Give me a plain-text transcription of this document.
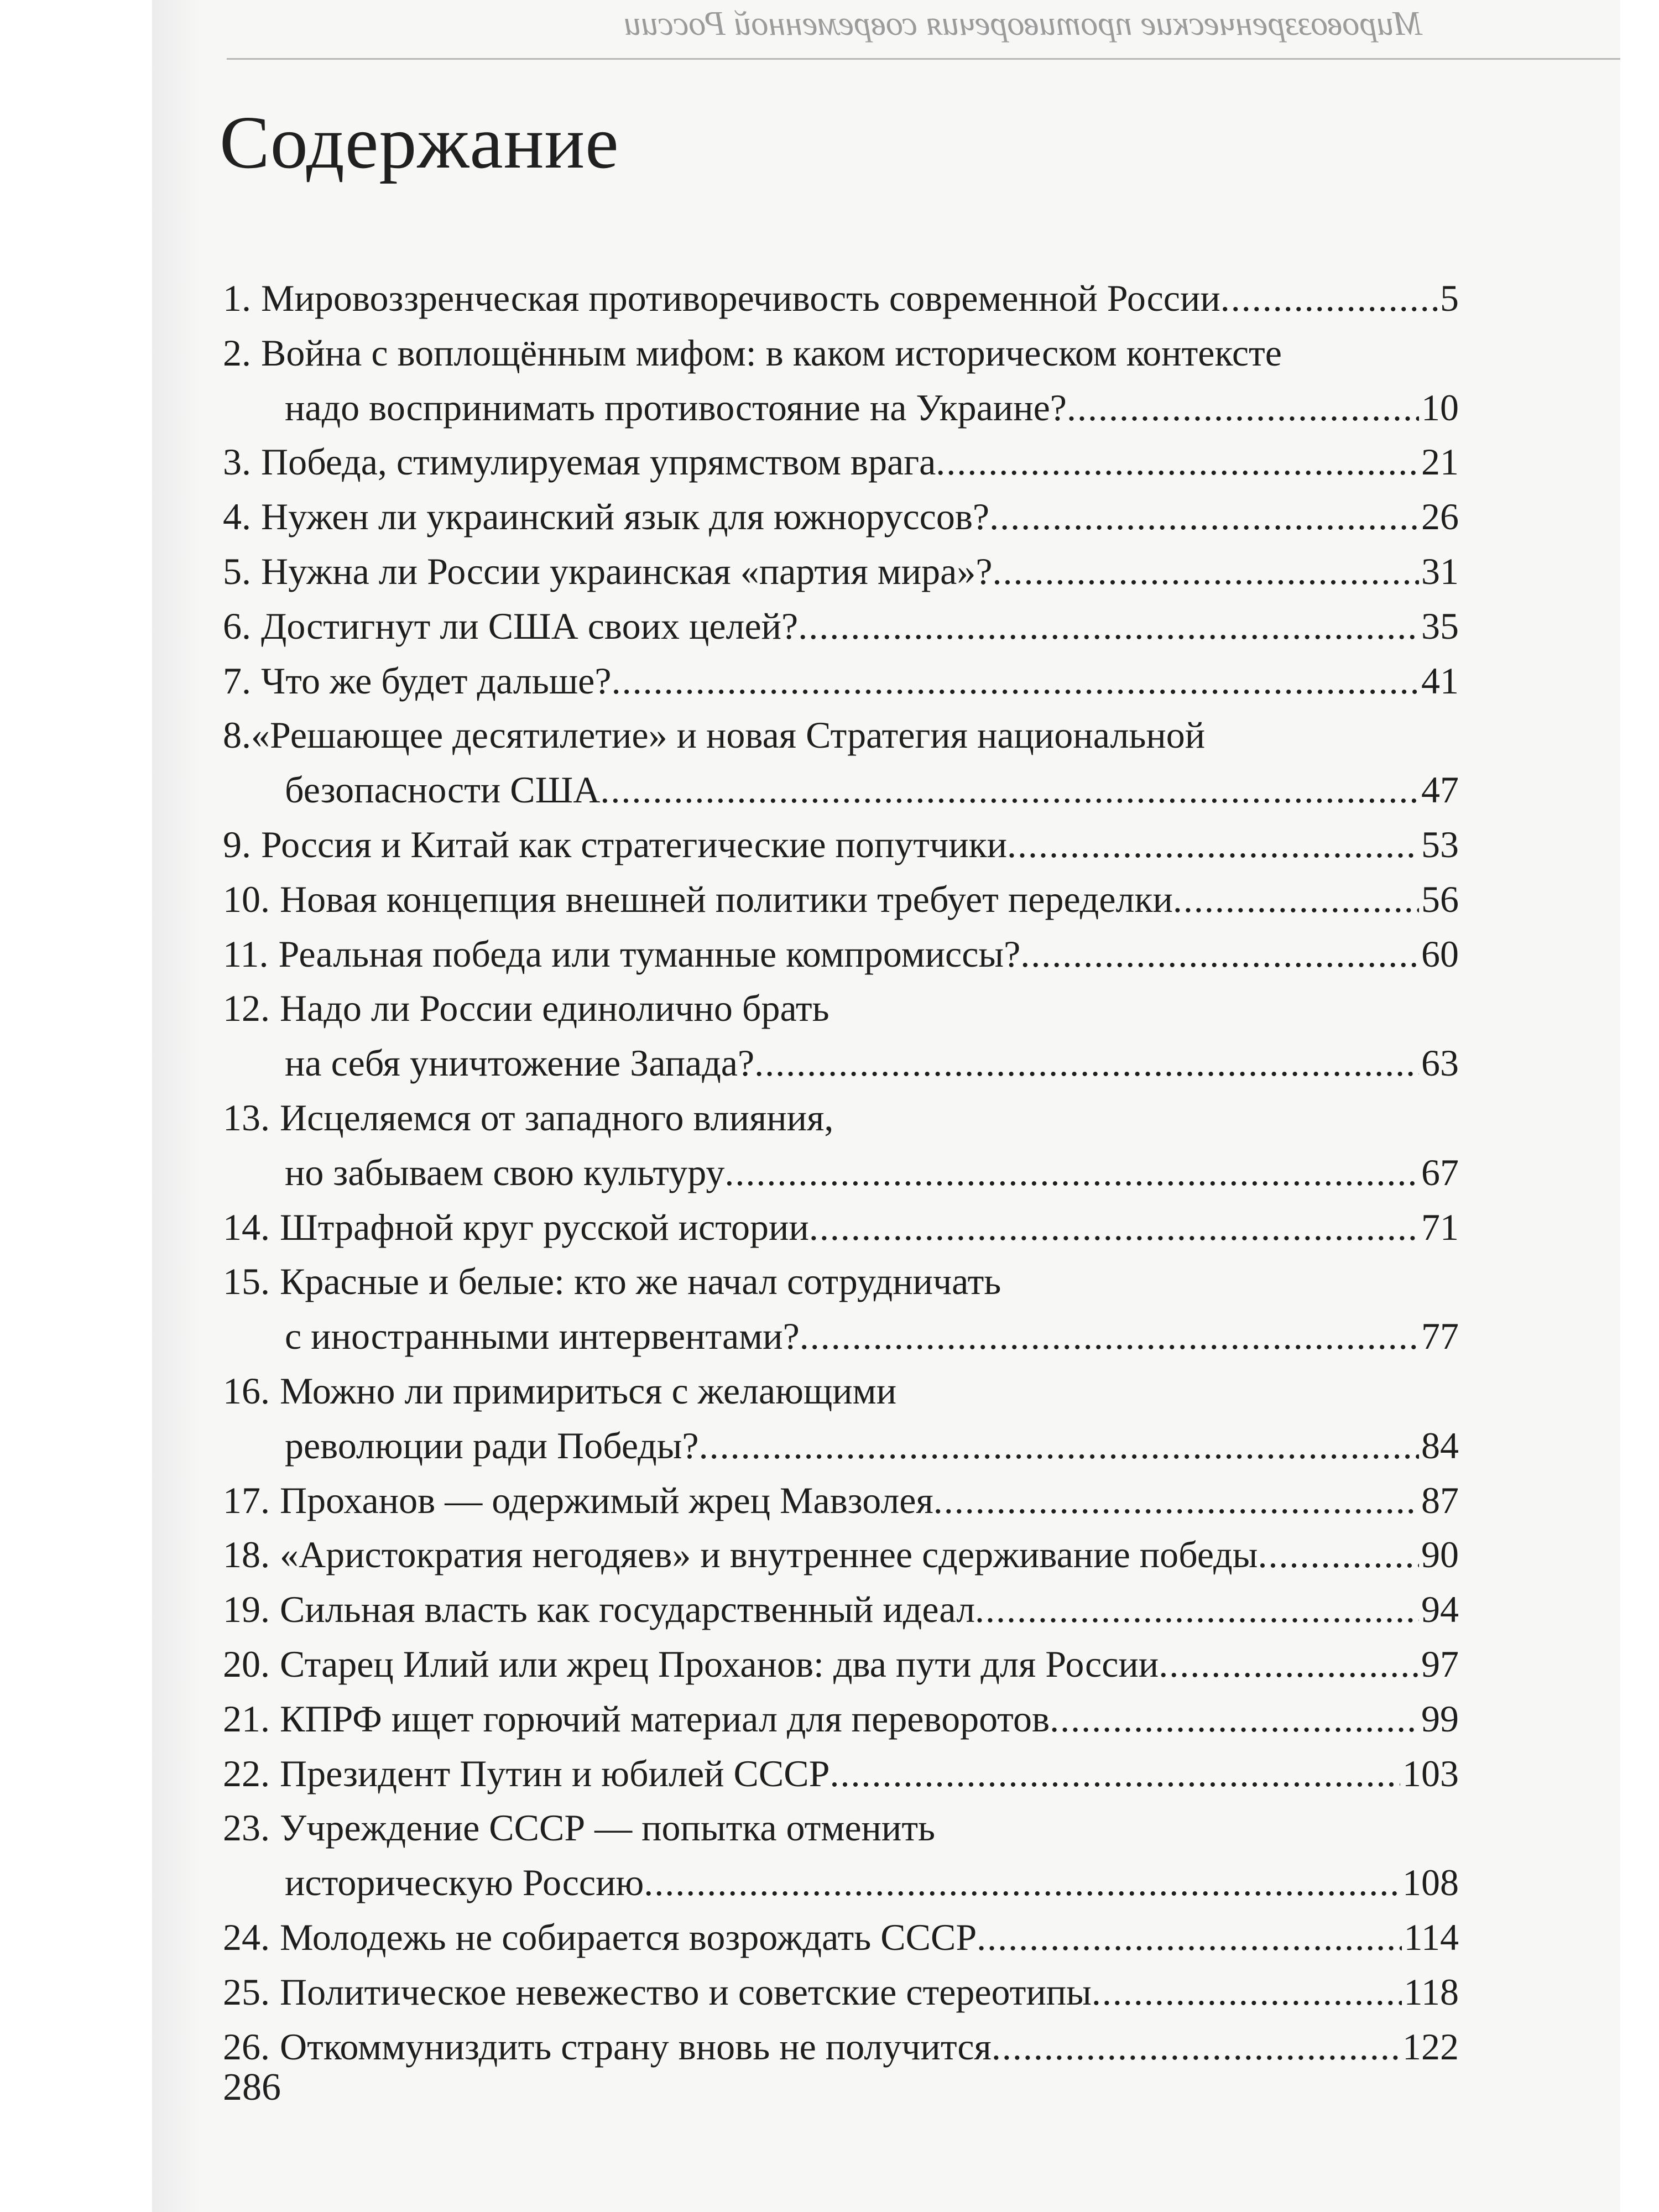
Мировоззренческие противоречия современной России
Содержание
1. Мировоззренческая противоречивость современной России .....	5
2. Война с воплощённым мифом: в каком историческом контексте
надо воспринимать противостояние на Украине? .....	10
3. Победа, стимулируемая упрямством врага .....	21
4. Нужен ли украинский язык для южноруссов? .....	26
5. Нужна ли России украинская «партия мира»? .....	31
6. Достигнут ли США своих целей? .....	35
7. Что же будет дальше? .....	41
8. «Решающее десятилетие» и новая Стратегия национальной
безопасности США .....	47
9. Россия и Китай как стратегические попутчики .....	53
10. Новая концепция внешней политики требует переделки .....	56
11. Реальная победа или туманные компромиссы? .....	60
12. Надо ли России единолично брать
на себя уничтожение Запада? .....	63
13. Исцеляемся от западного влияния,
но забываем свою культуру .....	67
14. Штрафной круг русской истории .....	71
15. Красные и белые: кто же начал сотрудничать
с иностранными интервентами? .....	77
16. Можно ли примириться с желающими
революции ради Победы? .....	84
17. Проханов — одержимый жрец Мавзолея .....	87
18. «Аристократия негодяев» и внутреннее сдерживание победы .....	90
19. Сильная власть как государственный идеал .....	94
20. Старец Илий или жрец Проханов: два пути для России .....	97
21. КПРФ ищет горючий материал для переворотов .....	99
22. Президент Путин и юбилей СССР .....	103
23. Учреждение СССР — попытка отменить
историческую Россию .....	108
24. Молодежь не собирается возрождать СССР .....	114
25. Политическое невежество и советские стереотипы .....	118
26. Откоммуниздить страну вновь не получится .....	122
286
